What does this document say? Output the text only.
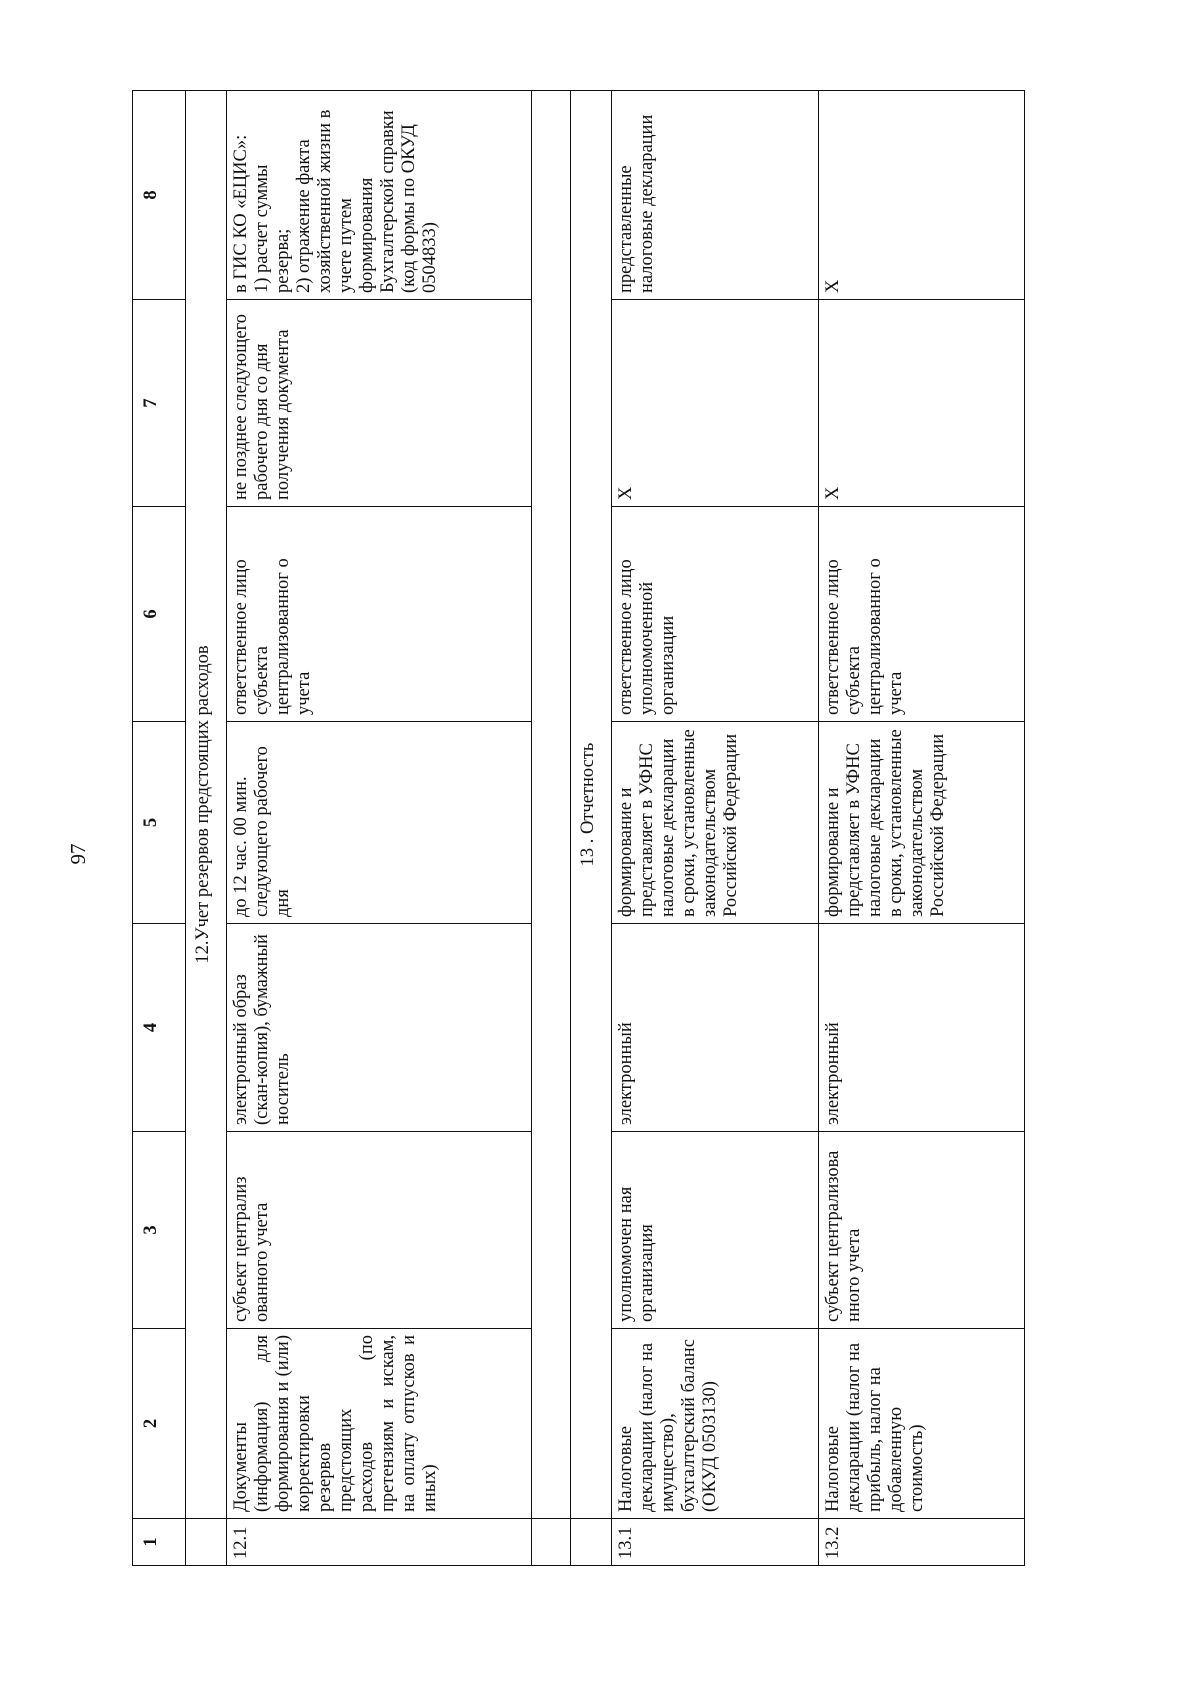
97
1	2	3	4	5	6	7	8
	12.Учет резервов предстоящих расходов						
12.1	Документы (информация) для формирования и (или) корректировки резервов предстоящих расходов (по претензиям и искам, на оплату отпусков и иных)	субъект централиз ованного учета	электронный образ (скан-копия), бумажный носитель	до 12 час. 00 мин. следующего рабочего дня	ответственное лицо субъекта централизованног о учета	не позднее следующего рабочего дня со дня получения документа	в ГИС КО «ЕЦИС»:
1) расчет суммы резерва;
2) отражение факта хозяйственной жизни в учете путем формирования Бухгалтерской справки (код формы по ОКУД 0504833)

	13 . Отчетность						
13.1	Налоговые декларации (налог на имущество), бухгалтерский баланс (ОКУД 0503130)	уполномочен ная организация	электронный	формирование и представляет в УФНС налоговые декларации в сроки, установленные законодательством Российской Федерации	ответственное лицо уполномоченной организации	Х	представленные налоговые декларации
13.2	Налоговые декларации (налог на прибыль, налог на добавленную стоимость)	субъект централизова нного учета	электронный	формирование и представляет в УФНС налоговые декларации в сроки, установленные законодательством Российской Федерации	ответственное лицо субъекта централизованног о учета	Х	Х
